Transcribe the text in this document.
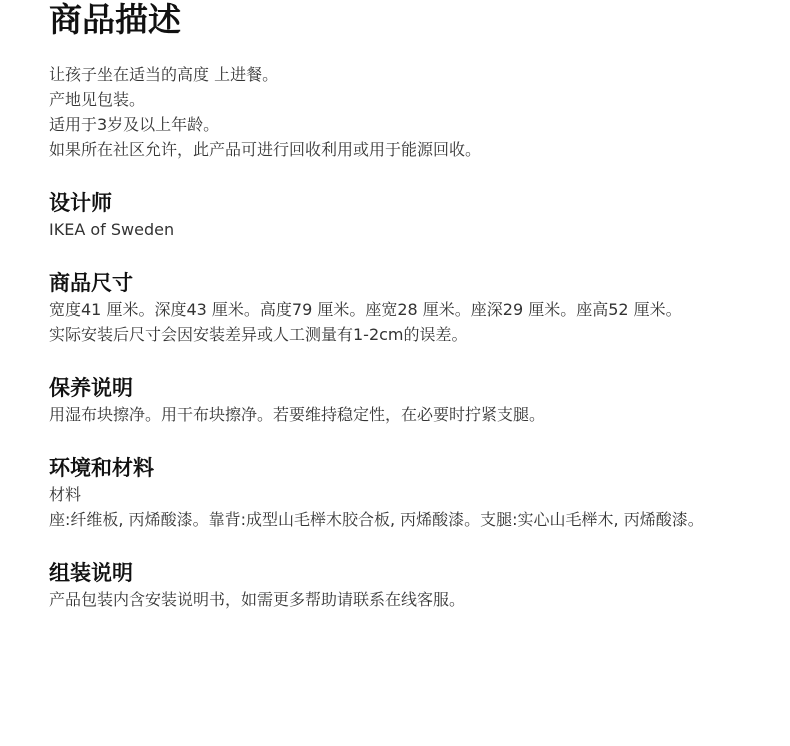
商品描述

让孩子坐在适当的高度 上进餐。

产地见包装。

适用于3岁及以上年龄。

如果所在社区允许，此产品可进行回收利用或用于能源回收。

设计师

IKEA of Sweden

商品尺寸

宽度41 厘米。深度43 厘米。高度79 厘米。座宽28 厘米。座深29 厘米。座高52 厘米。

实际安装后尺寸会因安装差异或人工测量有1-2cm的误差。

保养说明

用湿布块擦净。用干布块擦净。若要维持稳定性，在必要时拧紧支腿。

环境和材料

材料

座:纤维板, 丙烯酸漆。靠背:成型山毛榉木胶合板, 丙烯酸漆。支腿:实心山毛榉木, 丙烯酸漆。

组装说明

产品包装内含安装说明书，如需更多帮助请联系在线客服。
